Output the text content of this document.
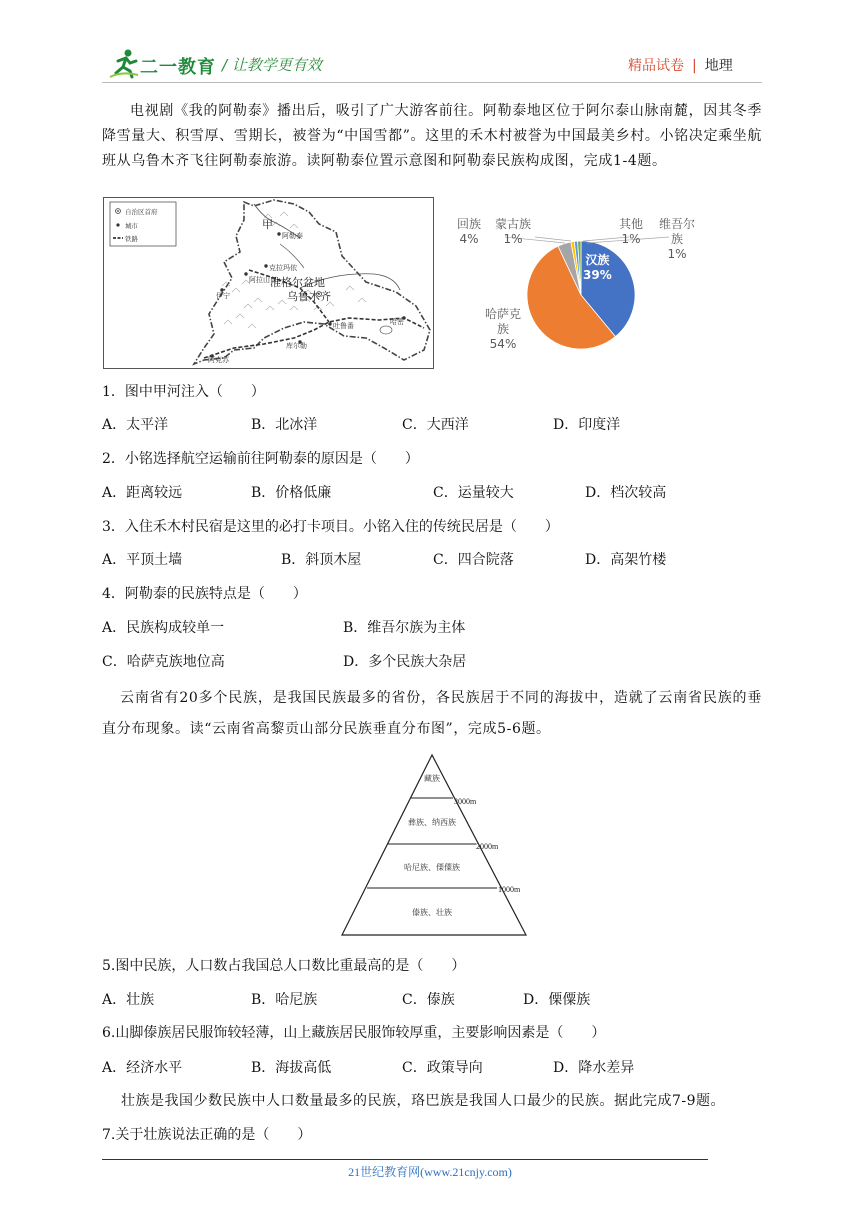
二一教育 / 让教学更有效	精品试卷 | 地理
电视剧《我的阿勒泰》播出后，吸引了广大游客前往。阿勒泰地区位于阿尔泰山脉南麓，因其冬季降雪量大、积雪厚、雪期长，被誉为“中国雪都”。这里的禾木村被誉为中国最美乡村。小铭决定乘坐航班从乌鲁木齐飞往阿勒泰旅游。读阿勒泰位置示意图和阿勒泰民族构成图，完成1-4题。
自治区首府
城市
铁路
甲
阿勒泰
克拉玛依
阿拉山口
伊宁
准格尔盆地
乌鲁木齐
哈密
吐鲁番
库尔勒
阿克苏
回族
4%
蒙古族
1%
其他
1%
维吾尔
族
1%
汉族
39%
哈萨克
族
54%
1．图中甲河注入（　　）
A．太平洋	B．北冰洋	C．大西洋	D．印度洋
2．小铭选择航空运输前往阿勒泰的原因是（　　）
A．距离较远	B．价格低廉	C．运量较大	D．档次较高
3．入住禾木村民宿是这里的必打卡项目。小铭入住的传统民居是（　　）
A．平顶土墙	B．斜顶木屋	C．四合院落	D．高架竹楼
4．阿勒泰的民族特点是（　　）
A．民族构成较单一	B．维吾尔族为主体
C．哈萨克族地位高	D．多个民族大杂居
云南省有20多个民族，是我国民族最多的省份，各民族居于不同的海拔中，造就了云南省民族的垂直分布现象。读“云南省高黎贡山部分民族垂直分布图”，完成5-6题。
藏族
彝族、纳西族
哈尼族、傈僳族
傣族、壮族
3000m
2000m
1000m
5.图中民族，人口数占我国总人口数比重最高的是（　　）
A．壮族	B．哈尼族	C．傣族	D．傈僳族
6.山脚傣族居民服饰较轻薄，山上藏族居民服饰较厚重，主要影响因素是（　　）
A．经济水平	B．海拔高低	C．政策导向	D．降水差异
壮族是我国少数民族中人口数量最多的民族，珞巴族是我国人口最少的民族。据此完成7-9题。
7.关于壮族说法正确的是（　　）
21世纪教育网(www.21cnjy.com)
